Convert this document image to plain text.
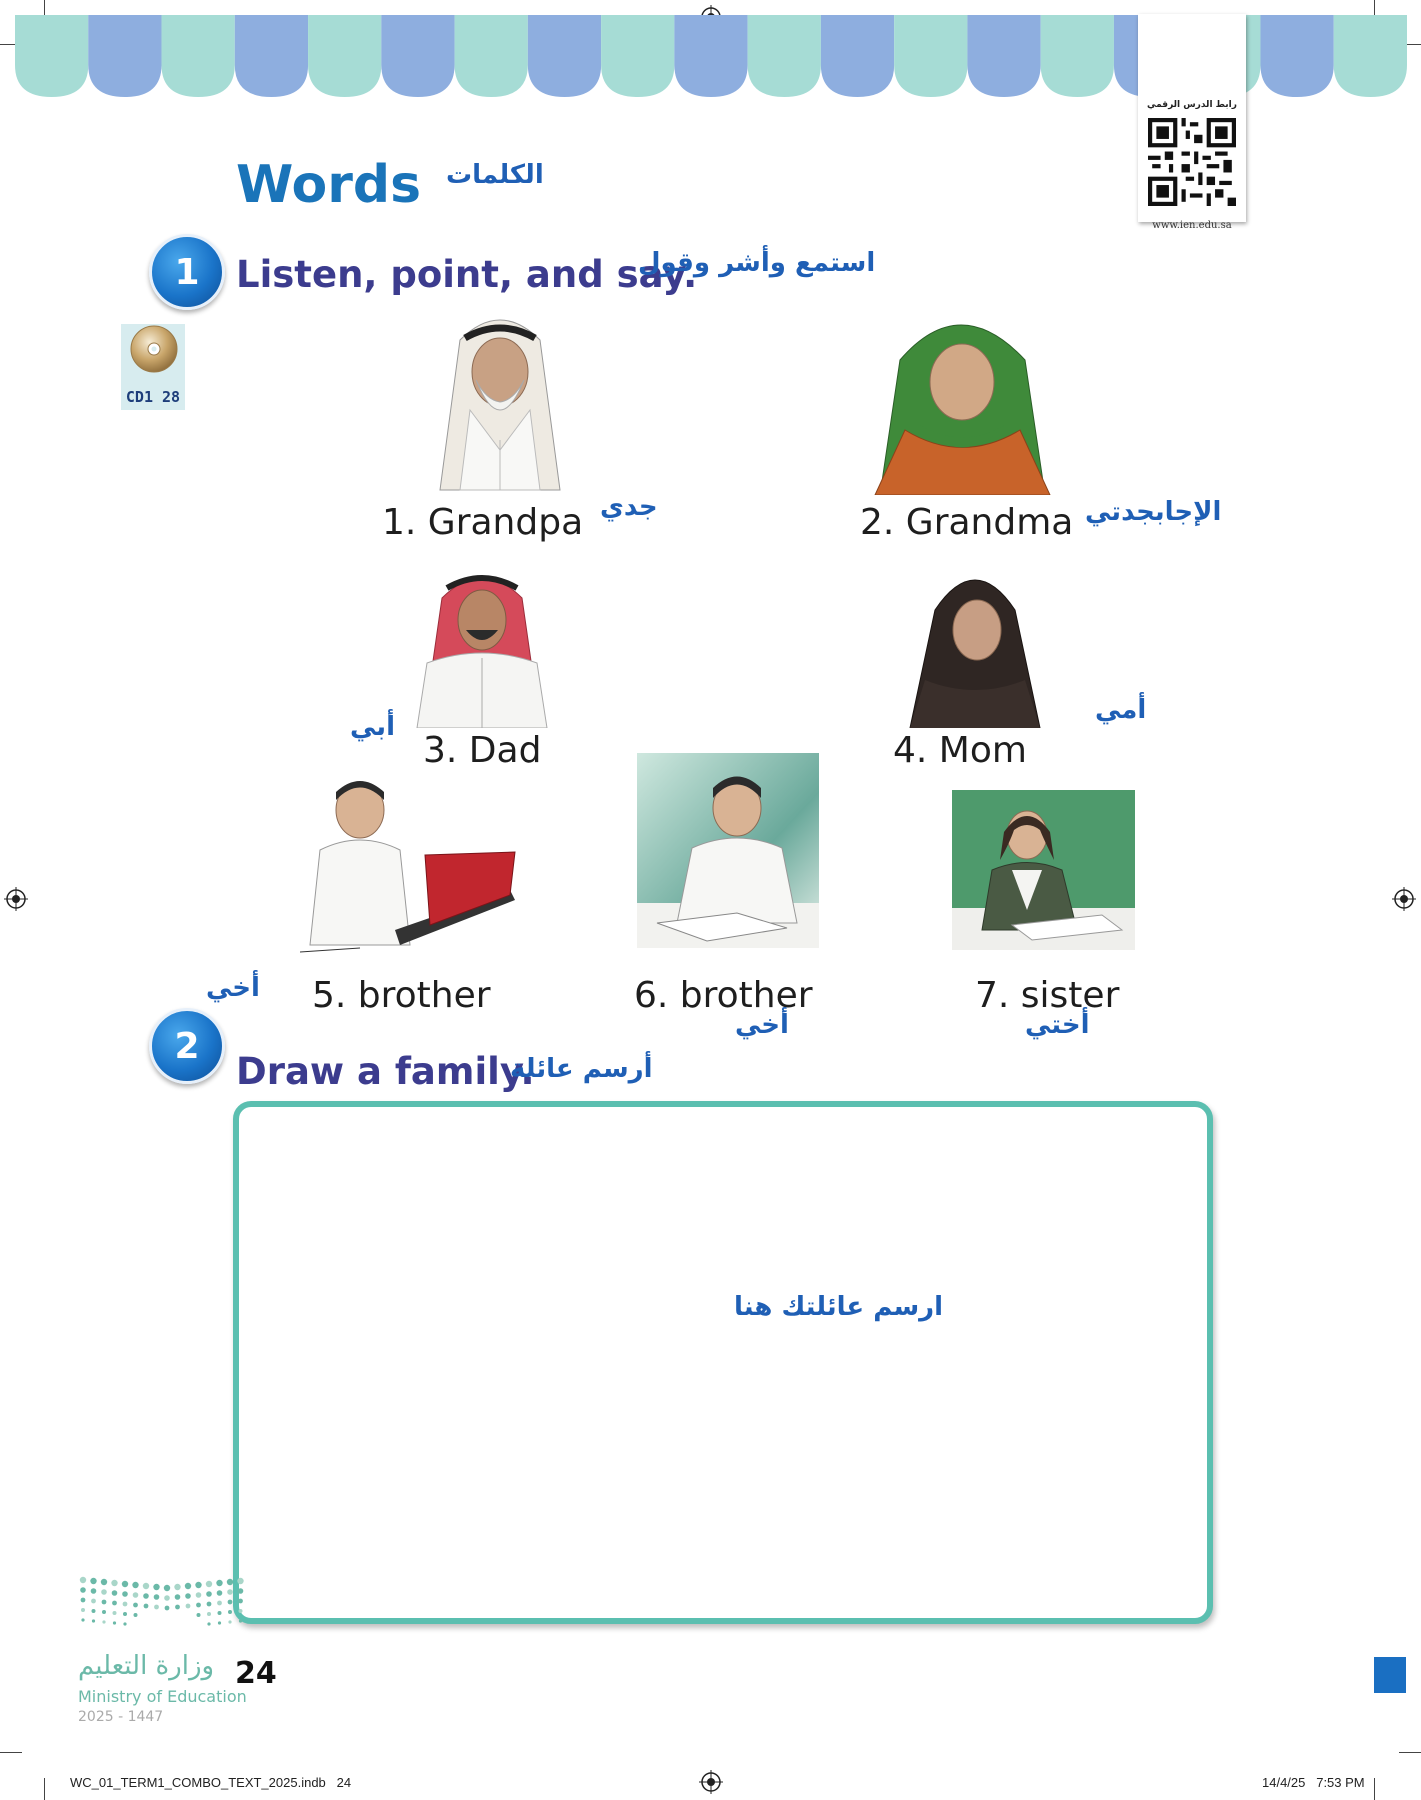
رابط الدرس الرقمي
www.ien.edu.sa
Words الكلمات
1 Listen, point, and say.
استمع وأشر وقول
CD1 28
1. Grandpa جدي	2. Grandma الإجابجدتي
3. Dad
أبي
4. Mom
أمي
5. brother
أخي	6. brother
أخي
7. sister
أختي
2
Draw a family.
أرسم عائلة
ارسم عائلتك هنا
وزارة التعليم
Ministry of Education
2025 - 1447
24
WC_01_TERM1_COMBO_TEXT_2025.indb   24	14/4/25   7:53 PM
